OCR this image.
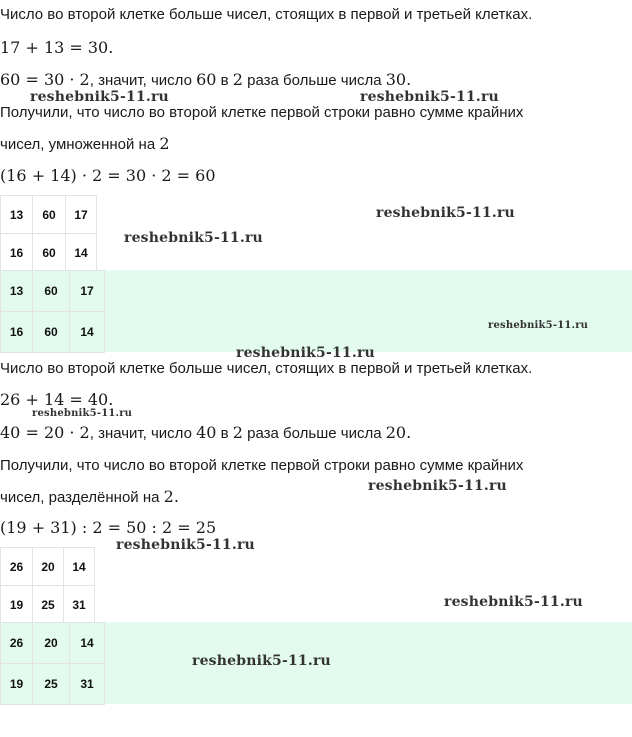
Число во второй клетке больше чисел, стоящих в первой и третьей клетках.
17 + 13 = 30.
60 = 30 · 2, значит, число 60 в 2 раза больше числа 30.
Получили, что число во второй клетке первой строки равно сумме крайних
чисел, умноженной на 2
(16 + 14) · 2 = 30 · 2 = 60
13	60	17
16	60	14
13	60	17
16	60	14
Число во второй клетке больше чисел, стоящих в первой и третьей клетках.
26 + 14 = 40.
40 = 20 · 2, значит, число 40 в 2 раза больше числа 20.
Получили, что число во второй клетке первой строки равно сумме крайних
чисел, разделённой на 2.
(19 + 31) : 2 = 50 : 2 = 25
26	20	14
19	25	31
26	20	14
19	25	31
reshebnik5-11.ru	reshebnik5-11.ru
reshebnik5-11.ru
reshebnik5-11.ru
reshebnik5-11.ru
reshebnik5-11.ru
reshebnik5-11.ru
reshebnik5-11.ru
reshebnik5-11.ru
reshebnik5-11.ru
reshebnik5-11.ru
